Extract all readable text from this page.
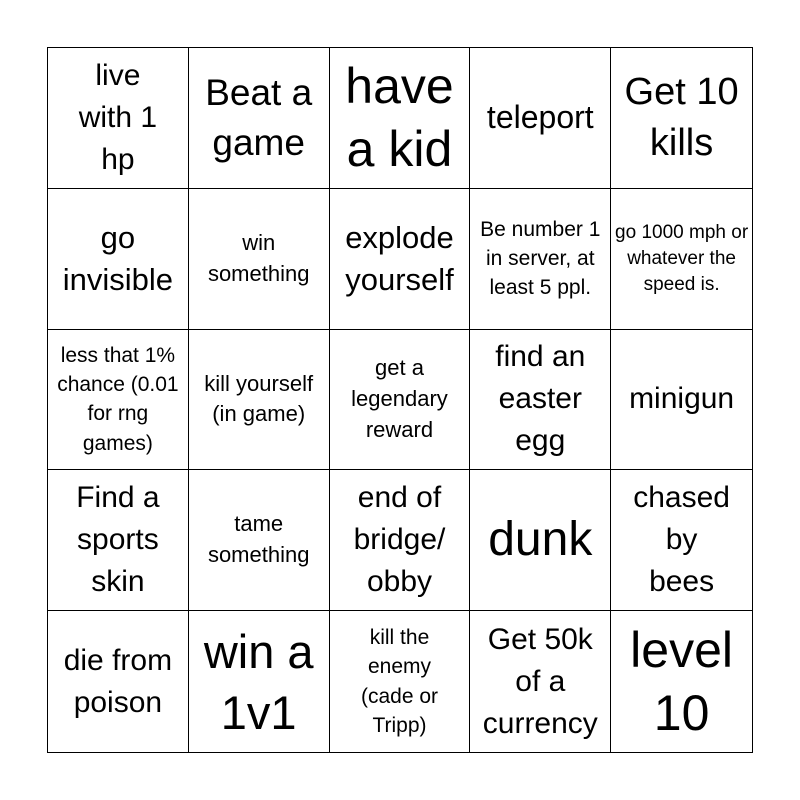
live with 1 hp
Beat a game
have a kid
teleport
Get 10 kills
go invisible
win something
explode yourself
Be number 1 in server, at least 5 ppl.
go 1000 mph or whatever the speed is.
less that 1% chance (0.01 for rng games)
kill yourself (in game)
get a legendary reward
find an easter egg
minigun
Find a sports skin
tame something
end of bridge/ obby
dunk
chased by bees
die from poison
win a 1v1
kill the enemy (cade or Tripp)
Get 50k of a currency
level 10
